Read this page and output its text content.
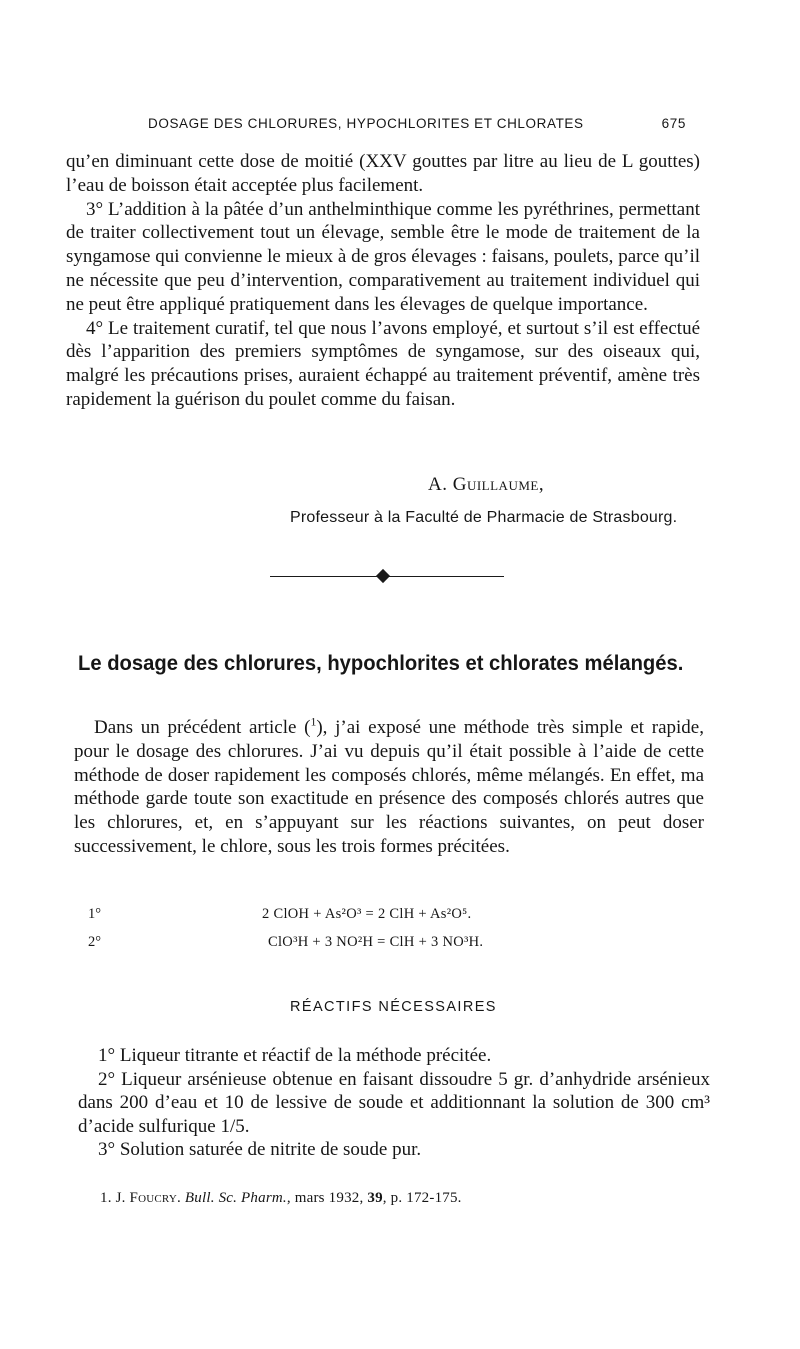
DOSAGE DES CHLORURES, HYPOCHLORITES ET CHLORATES	675

qu’en diminuant cette dose de moitié (XXV gouttes par litre au lieu de L gouttes) l’eau de boisson était acceptée plus facilement.

3° L’addition à la pâtée d’un anthelminthique comme les pyréthrines, permettant de traiter collectivement tout un élevage, semble être le mode de traitement de la syngamose qui convienne le mieux à de gros élevages : faisans, poulets, parce qu’il ne nécessite que peu d’intervention, comparativement au traitement individuel qui ne peut être appliqué pratiquement dans les élevages de quelque importance.

4° Le traitement curatif, tel que nous l’avons employé, et surtout s’il est effectué dès l’apparition des premiers symptômes de syngamose, sur des oiseaux qui, malgré les précautions prises, auraient échappé au traitement préventif, amène très rapidement la guérison du poulet comme du faisan.

A. Guillaume,
Professeur à la Faculté de Pharmacie de Strasbourg.
Le dosage des chlorures, hypochlorites et chlorates mélangés.

Dans un précédent article ($^1$), j’ai exposé une méthode très simple et rapide, pour le dosage des chlorures. J’ai vu depuis qu’il était possible à l’aide de cette méthode de doser rapidement les composés chlorés, même mélangés. En effet, ma méthode garde toute son exactitude en présence des composés chlorés autres que les chlorures, et, en s’appuyant sur les réactions suivantes, on peut doser successivement, le chlore, sous les trois formes précitées.

1°	2 ClOH + As²O³ = 2 ClH + As²O⁵.
2°	ClO³H + 3 NO²H = ClH + 3 NO³H.
RÉACTIFS NÉCESSAIRES

1° Liqueur titrante et réactif de la méthode précitée.

2° Liqueur arsénieuse obtenue en faisant dissoudre 5 gr. d’anhydride arsénieux dans 200 d’eau et 10 de lessive de soude et additionnant la solution de 300 cm³ d’acide sulfurique 1/5.

3° Solution saturée de nitrite de soude pur.

1. J. Foucry. Bull. Sc. Pharm., mars 1932, 39, p. 172-175.
